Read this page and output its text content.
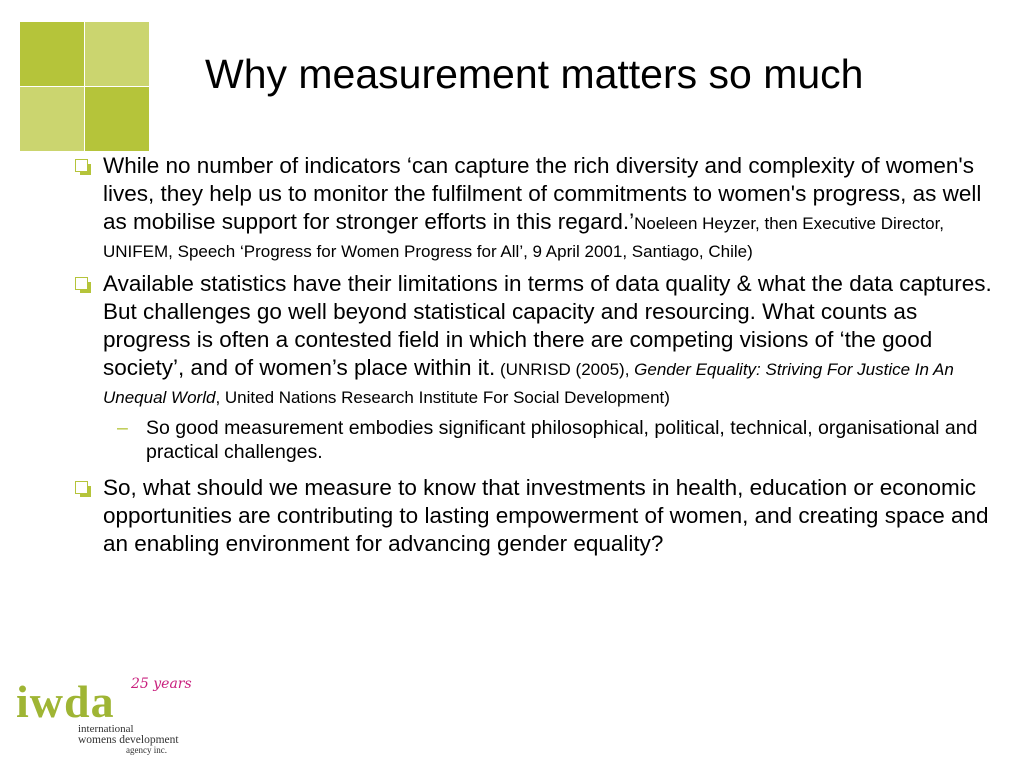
Why measurement matters so much
While no number of indicators ‘can capture the rich diversity and complexity of women's lives, they help us to monitor the fulfilment of commitments to women's progress, as well as mobilise support for stronger efforts in this regard.’Noeleen Heyzer, then Executive Director, UNIFEM, Speech ‘Progress for Women Progress for All’, 9 April 2001, Santiago, Chile)
Available statistics have their limitations in terms of data quality & what the data captures. But challenges go well beyond statistical capacity and resourcing. What counts as progress is often a contested field in which there are competing visions of ‘the good society’, and of women’s place within it. (UNRISD (2005), Gender Equality: Striving For Justice In An Unequal World, United Nations Research Institute For Social Development)
– So good measurement embodies significant philosophical, political, technical, organisational and practical challenges.
So, what should we measure to know that investments in health, education or economic opportunities are contributing to lasting empowerment of women, and creating space and an enabling environment for advancing gender equality?
iwda 25 years
international
womens development
agency inc.
